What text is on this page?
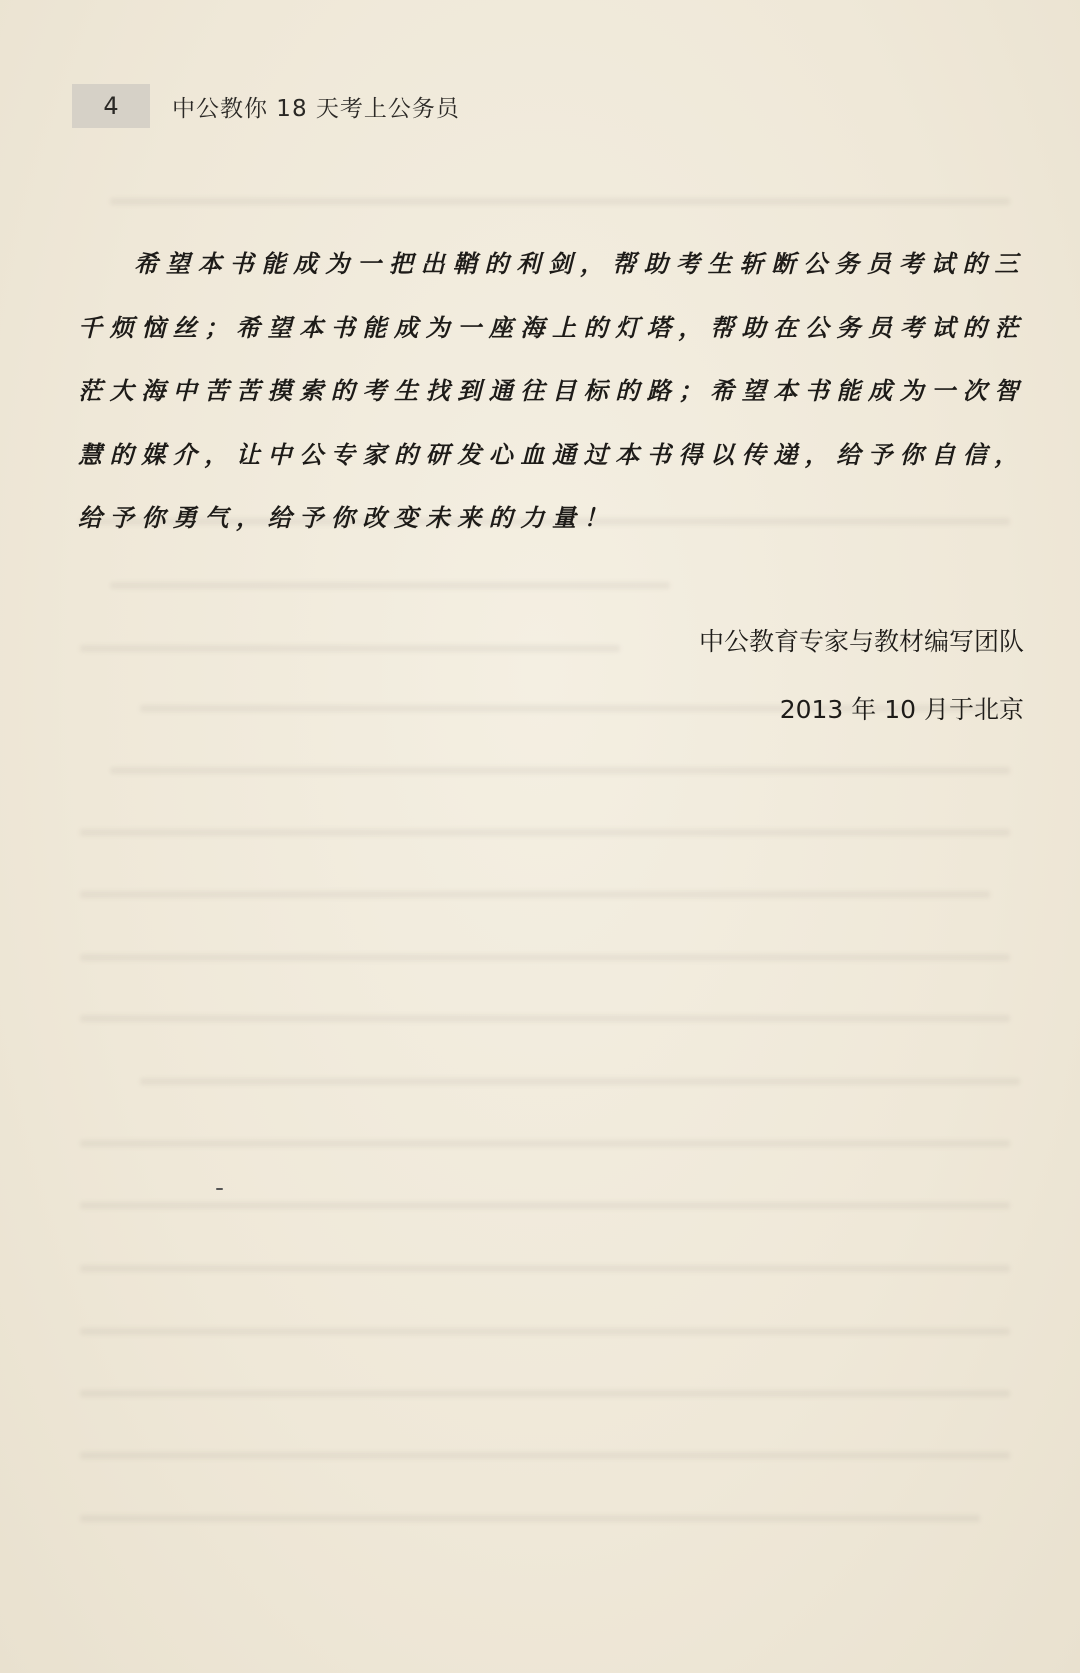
4	中公教你 18 天考上公务员
希望本书能成为一把出鞘的利剑，帮助考生斩断公务员考试的三千烦恼丝；希望本书能成为一座海上的灯塔，帮助在公务员考试的茫茫大海中苦苦摸索的考生找到通往目标的路；希望本书能成为一次智慧的媒介，让中公专家的研发心血通过本书得以传递，给予你自信，给予你勇气，给予你改变未来的力量！
中公教育专家与教材编写团队
2013 年 10 月于北京
